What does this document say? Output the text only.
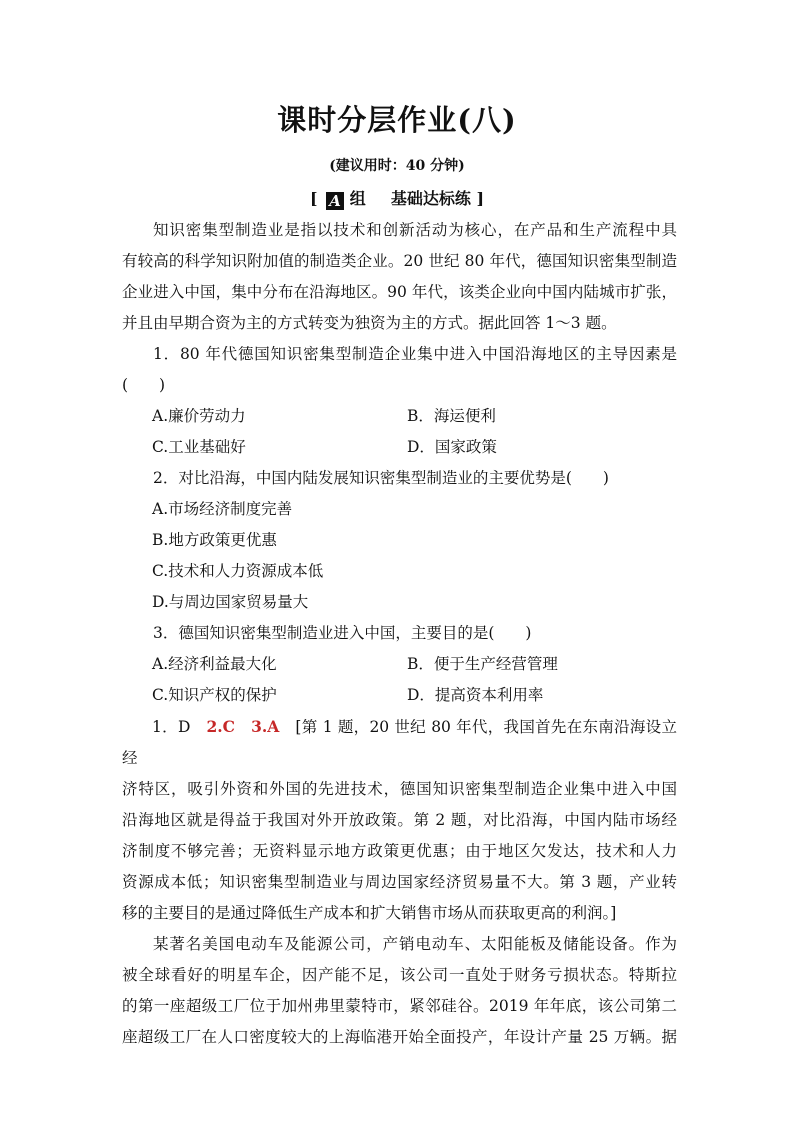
课时分层作业(八)
(建议用时：40 分钟)
[ A 组 基础达标练 ]

知识密集型制造业是指以技术和创新活动为核心，在产品和生产流程中具

有较高的科学知识附加值的制造类企业。20 世纪 80 年代，德国知识密集型制造

企业进入中国，集中分布在沿海地区。90 年代，该类企业向中国内陆城市扩张，

并且由早期合资为主的方式转变为独资为主的方式。据此回答 1～3 题。

1．80 年代德国知识密集型制造企业集中进入中国沿海地区的主导因素是

(　　)

A.廉价劳动力	B．海运便利
C.工业基础好	D．国家政策

2．对比沿海，中国内陆发展知识密集型制造业的主要优势是(　　)

A.市场经济制度完善
B.地方政策更优惠
C.技术和人力资源成本低
D.与周边国家贸易量大

3．德国知识密集型制造业进入中国，主要目的是(　　)

A.经济利益最大化	B．便于生产经营管理
C.知识产权的保护	D．提高资本利用率

1．D　 2.C　3.A　 [第 1 题，20 世纪 80 年代，我国首先在东南沿海设立经

济特区，吸引外资和外国的先进技术，德国知识密集型制造企业集中进入中国

沿海地区就是得益于我国对外开放政策。第 2 题，对比沿海，中国内陆市场经

济制度不够完善；无资料显示地方政策更优惠；由于地区欠发达，技术和人力

资源成本低；知识密集型制造业与周边国家经济贸易量不大。第 3 题，产业转

移的主要目的是通过降低生产成本和扩大销售市场从而获取更高的利润。]

某著名美国电动车及能源公司，产销电动车、太阳能板及储能设备。作为

被全球看好的明星车企，因产能不足，该公司一直处于财务亏损状态。特斯拉

的第一座超级工厂位于加州弗里蒙特市，紧邻硅谷。2019 年年底，该公司第二

座超级工厂在人口密度较大的上海临港开始全面投产，年设计产量 25 万辆。据
